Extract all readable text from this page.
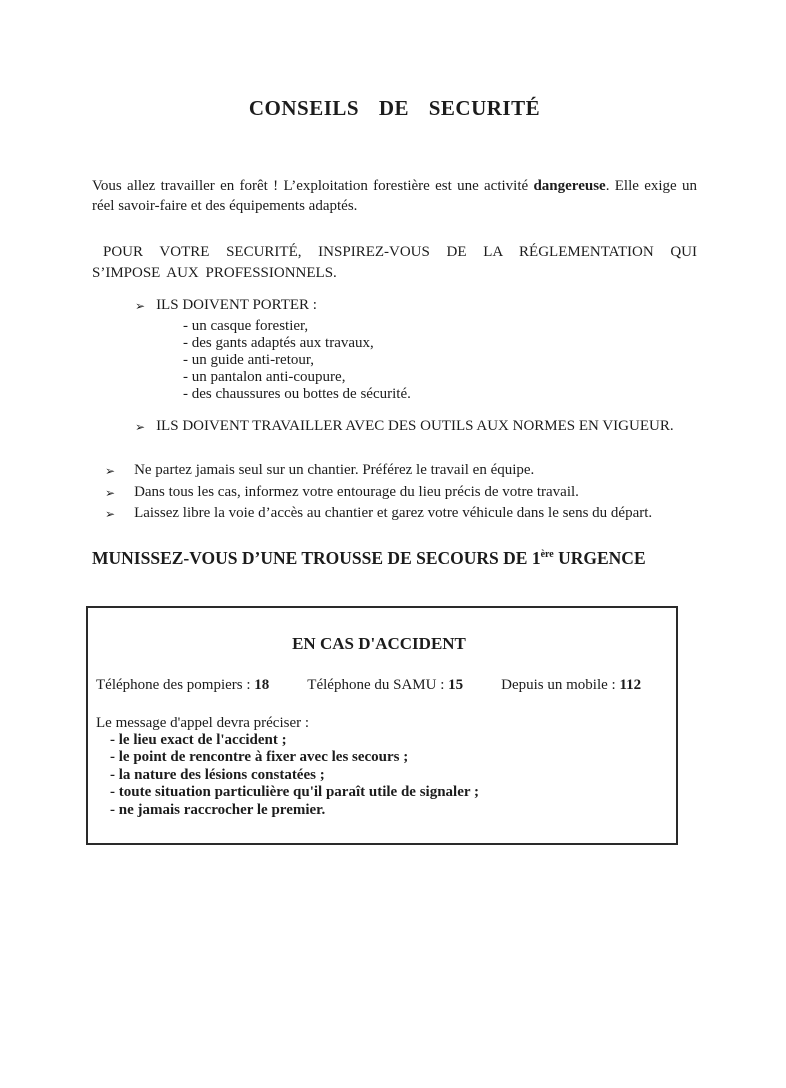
CONSEILS DE SECURITÉ

Vous allez travailler en forêt ! L’exploitation forestière est une activité dangereuse. Elle exige un réel savoir-faire et des équipements adaptés.

POUR VOTRE SECURITÉ, INSPIREZ-VOUS DE LA RÉGLEMENTATION QUI S’IMPOSE AUX PROFESSIONNELS.

➢ ILS DOIVENT PORTER :
- un casque forestier,
- des gants adaptés aux travaux,
- un guide anti-retour,
- un pantalon anti-coupure,
- des chaussures ou bottes de sécurité.
➢ ILS DOIVENT TRAVAILLER AVEC DES OUTILS AUX NORMES EN VIGUEUR.
➢ Ne partez jamais seul sur un chantier. Préférez le travail en équipe.
➢ Dans tous les cas, informez votre entourage du lieu précis de votre travail.
➢ Laissez libre la voie d’accès au chantier et garez votre véhicule dans le sens du départ.
MUNISSEZ-VOUS D’UNE TROUSSE DE SECOURS DE 1ère URGENCE
EN CAS D'ACCIDENT
Téléphone des pompiers : 18	Téléphone du SAMU : 15	Depuis un mobile : 112

Le message d'appel devra préciser :

- le lieu exact de l'accident ;
- le point de rencontre à fixer avec les secours ;
- la nature des lésions constatées ;
- toute situation particulière qu'il paraît utile de signaler ;
- ne jamais raccrocher le premier.
